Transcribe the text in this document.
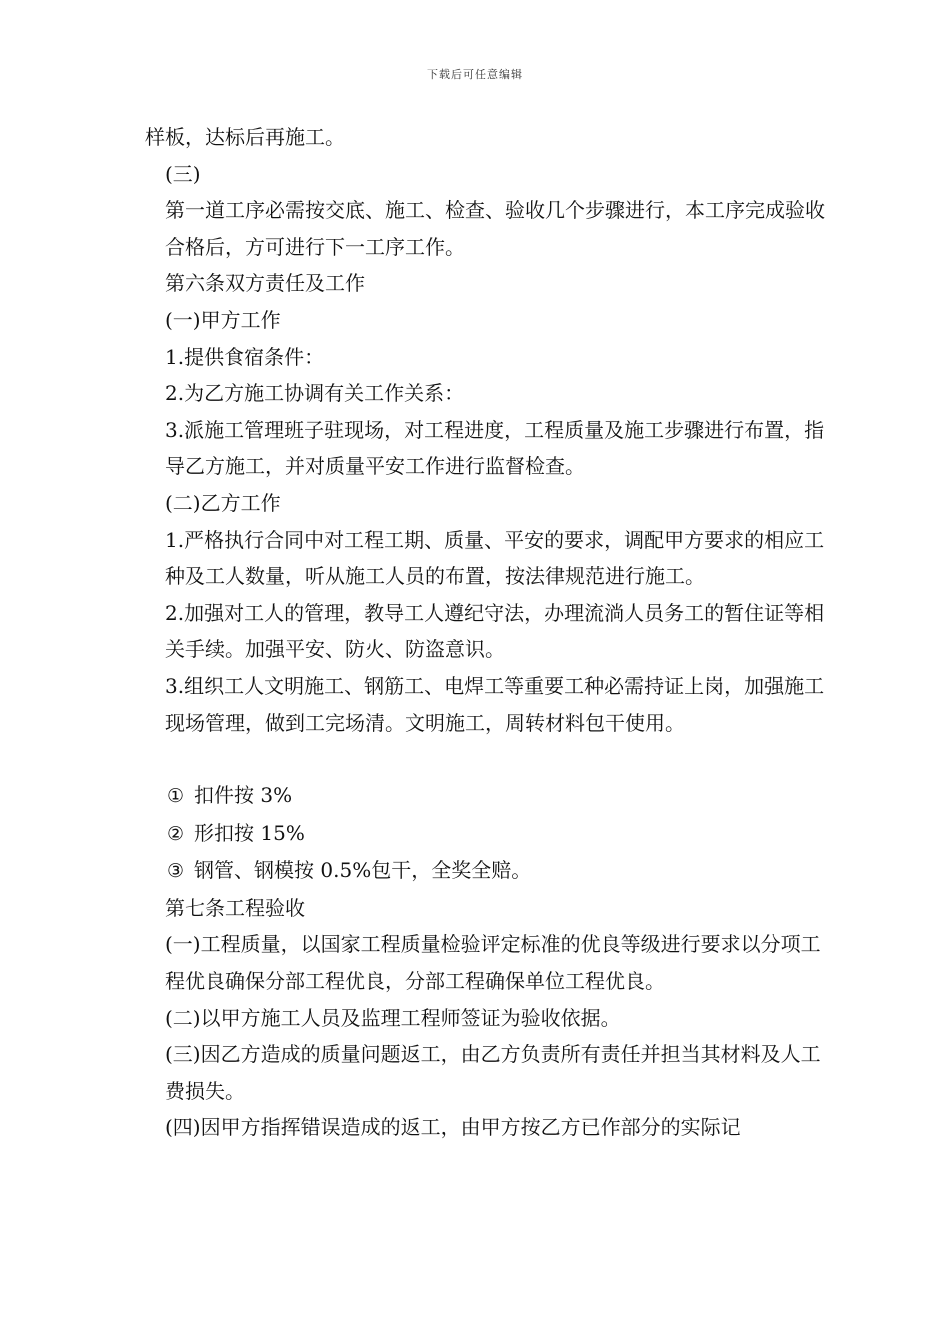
下载后可任意编辑

样板，达标后再施工。

(三)

第一道工序必需按交底、施工、检查、验收几个步骤进行，本工序完成验收合格后，方可进行下一工序工作。

第六条双方责任及工作

(一)甲方工作

1.提供食宿条件：

2.为乙方施工协调有关工作关系：

3.派施工管理班子驻现场，对工程进度，工程质量及施工步骤进行布置，指导乙方施工，并对质量平安工作进行监督检查。

(二)乙方工作

1.严格执行合同中对工程工期、质量、平安的要求，调配甲方要求的相应工种及工人数量，听从施工人员的布置，按法律规范进行施工。

2.加强对工人的管理，教导工人遵纪守法，办理流淌人员务工的暂住证等相关手续。加强平安、防火、防盗意识。

3.组织工人文明施工、钢筋工、电焊工等重要工种必需持证上岗，加强施工现场管理，做到工完场清。文明施工，周转材料包干使用。

① 扣件按 3%

② 形扣按 15%

③ 钢管、钢模按 0.5%包干，全奖全赔。

第七条工程验收

(一)工程质量，以国家工程质量检验评定标准的优良等级进行要求以分项工程优良确保分部工程优良，分部工程确保单位工程优良。

(二)以甲方施工人员及监理工程师签证为验收依据。

(三)因乙方造成的质量问题返工，由乙方负责所有责任并担当其材料及人工费损失。

(四)因甲方指挥错误造成的返工，由甲方按乙方已作部分的实际记
